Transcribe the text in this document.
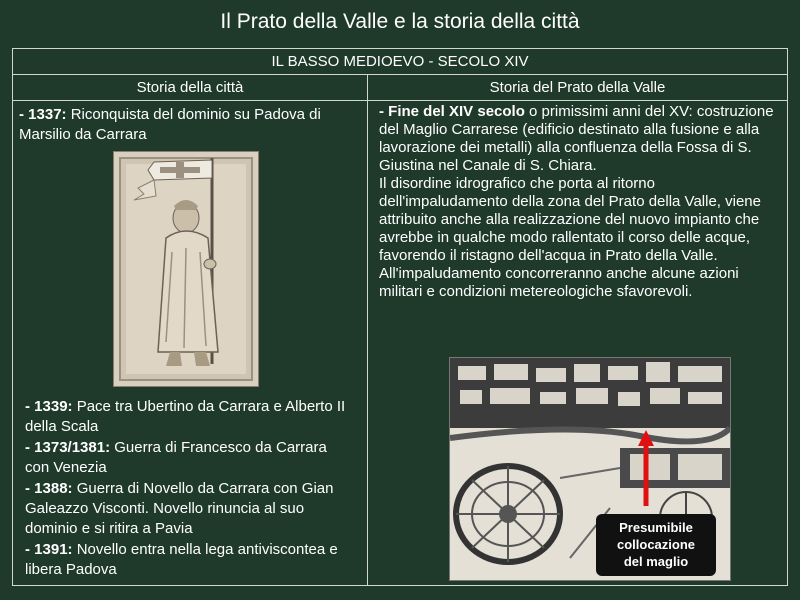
Il Prato della Valle e la storia della città
IL BASSO MEDIOEVO - SECOLO XIV
Storia della città	Storia del Prato della Valle
- 1337: Riconquista del dominio su Padova di Marsilio da Carrara

- 1339: Pace tra Ubertino da Carrara e Alberto II della Scala

- 1373/1381: Guerra di Francesco da Carrara con Venezia

- 1388: Guerra di Novello da Carrara con Gian Galeazzo Visconti. Novello rinuncia al suo dominio e si ritira a Pavia

- 1391: Novello entra nella lega antiviscontea e libera Padova

- Fine del XIV secolo o primissimi anni del XV: costruzione del Maglio Carrarese (edificio destinato alla fusione e alla lavorazione dei metalli) alla confluenza della Fossa di S. Giustina nel Canale di S. Chiara.

Il disordine idrografico che porta al ritorno dell'impaludamento della zona del Prato della Valle, viene attribuito anche alla realizzazione del nuovo impianto che avrebbe in qualche modo rallentato il corso delle acque, favorendo il ristagno dell'acqua in Prato della Valle. All'impaludamento concorreranno anche alcune azioni militari e condizioni metereologiche sfavorevoli.

Presumibile
collocazione
del maglio
